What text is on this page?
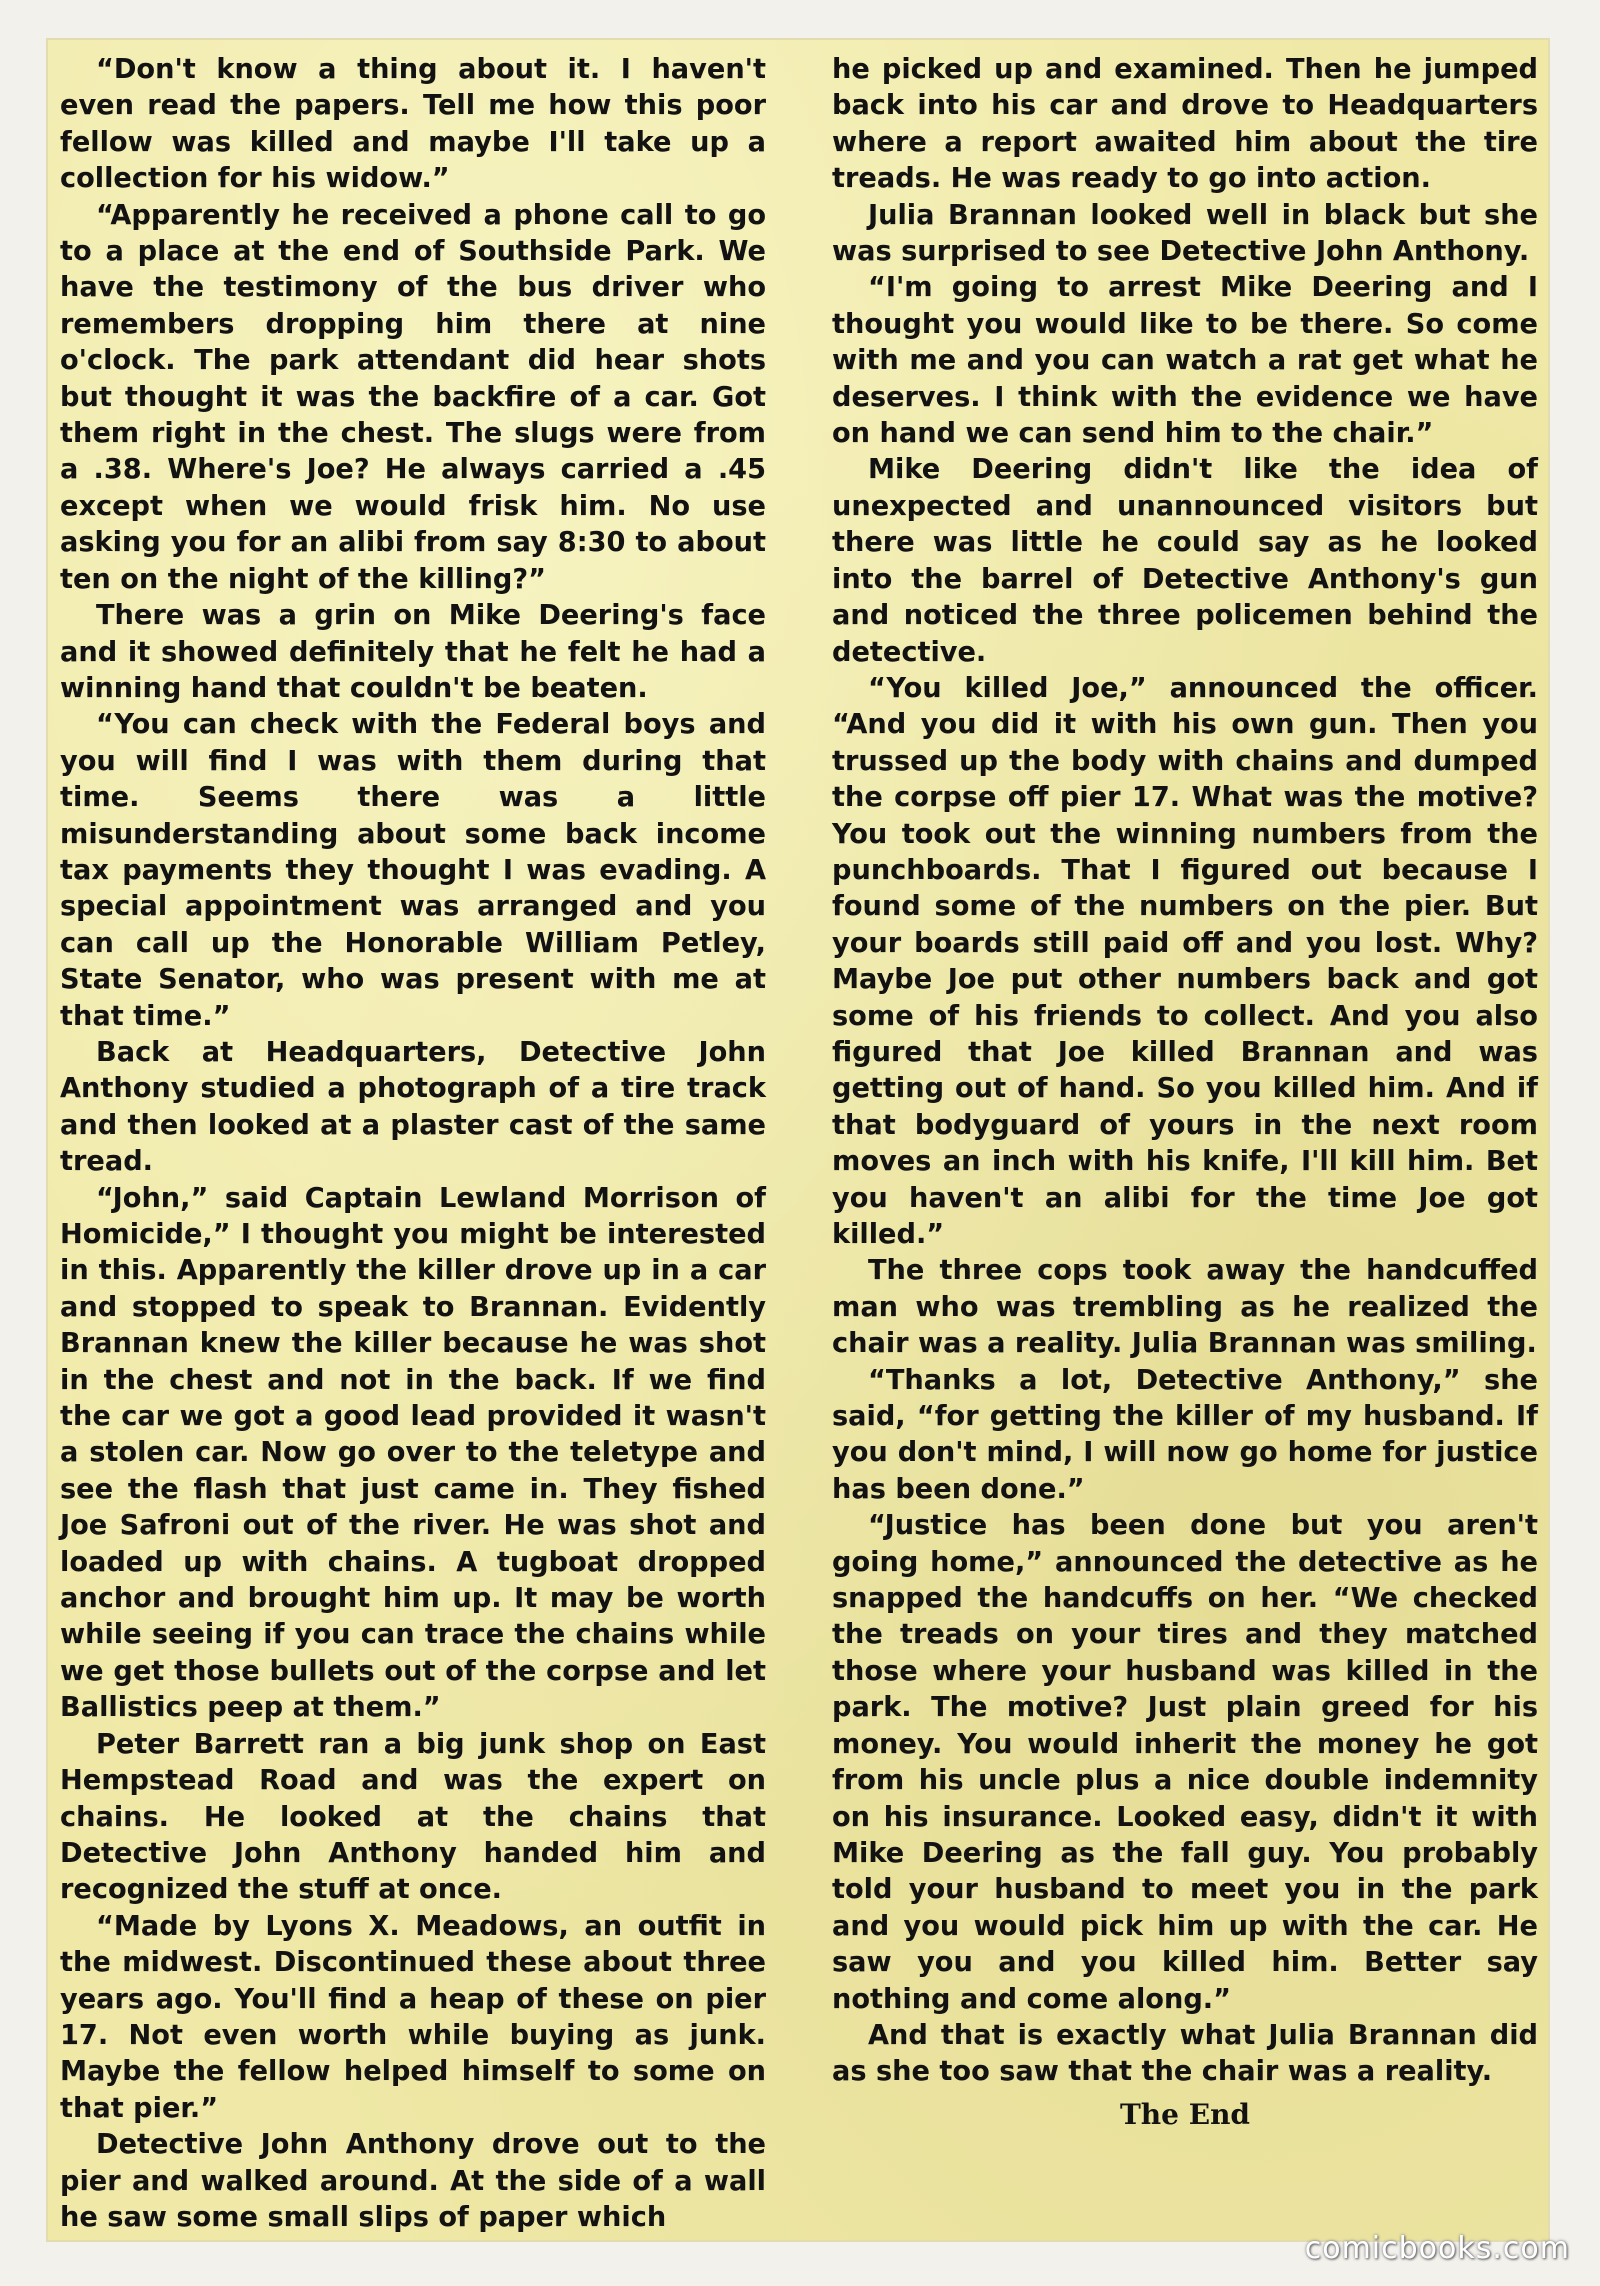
“Don't know a thing about it. I haven't even read the papers. Tell me how this poor fellow was killed and maybe I'll take up a collection for his widow.”

“Apparently he received a phone call to go to a place at the end of Southside Park. We have the testimony of the bus driver who remembers dropping him there at nine o'clock. The park attendant did hear shots but thought it was the backfire of a car. Got them right in the chest. The slugs were from a .38. Where's Joe? He always carried a .45 except when we would frisk him. No use asking you for an alibi from say 8:30 to about ten on the night of the killing?”

There was a grin on Mike Deering's face and it showed definitely that he felt he had a winning hand that couldn't be beaten.

“You can check with the Federal boys and you will find I was with them during that time. Seems there was a little misunderstanding about some back income tax payments they thought I was evading. A special appointment was arranged and you can call up the Honorable William Petley, State Senator, who was present with me at that time.”

Back at Headquarters, Detective John Anthony studied a photograph of a tire track and then looked at a plaster cast of the same tread.

“John,” said Captain Lewland Morrison of Homicide,” I thought you might be interested in this. Apparently the killer drove up in a car and stopped to speak to Brannan. Evidently Brannan knew the killer because he was shot in the chest and not in the back. If we find the car we got a good lead provided it wasn't a stolen car. Now go over to the teletype and see the flash that just came in. They fished Joe Safroni out of the river. He was shot and loaded up with chains. A tugboat dropped anchor and brought him up. It may be worth while seeing if you can trace the chains while we get those bullets out of the corpse and let Ballistics peep at them.”

Peter Barrett ran a big junk shop on East Hempstead Road and was the expert on chains. He looked at the chains that Detective John Anthony handed him and recognized the stuff at once.

“Made by Lyons X. Meadows, an outfit in the midwest. Discontinued these about three years ago. You'll find a heap of these on pier 17. Not even worth while buying as junk. Maybe the fellow helped himself to some on that pier.”

Detective John Anthony drove out to the pier and walked around. At the side of a wall he saw some small slips of paper which

he picked up and examined. Then he jumped back into his car and drove to Headquarters where a report awaited him about the tire treads. He was ready to go into action.

Julia Brannan looked well in black but she was surprised to see Detective John Anthony.

“I'm going to arrest Mike Deering and I thought you would like to be there. So come with me and you can watch a rat get what he deserves. I think with the evidence we have on hand we can send him to the chair.”

Mike Deering didn't like the idea of unexpected and unannounced visitors but there was little he could say as he looked into the barrel of Detective Anthony's gun and noticed the three policemen behind the detective.

“You killed Joe,” announced the officer. “And you did it with his own gun. Then you trussed up the body with chains and dumped the corpse off pier 17. What was the motive? You took out the winning numbers from the punchboards. That I figured out because I found some of the numbers on the pier. But your boards still paid off and you lost. Why? Maybe Joe put other numbers back and got some of his friends to collect. And you also figured that Joe killed Brannan and was getting out of hand. So you killed him. And if that bodyguard of yours in the next room moves an inch with his knife, I'll kill him. Bet you haven't an alibi for the time Joe got killed.”

The three cops took away the handcuffed man who was trembling as he realized the chair was a reality. Julia Brannan was smiling.

“Thanks a lot, Detective Anthony,” she said, “for getting the killer of my husband. If you don't mind, I will now go home for justice has been done.”

“Justice has been done but you aren't going home,” announced the detective as he snapped the handcuffs on her. “We checked the treads on your tires and they matched those where your husband was killed in the park. The motive? Just plain greed for his money. You would inherit the money he got from his uncle plus a nice double indemnity on his insurance. Looked easy, didn't it with Mike Deering as the fall guy. You probably told your husband to meet you in the park and you would pick him up with the car. He saw you and you killed him. Better say nothing and come along.”

And that is exactly what Julia Brannan did as she too saw that the chair was a reality.

The End

comicbooks.com
